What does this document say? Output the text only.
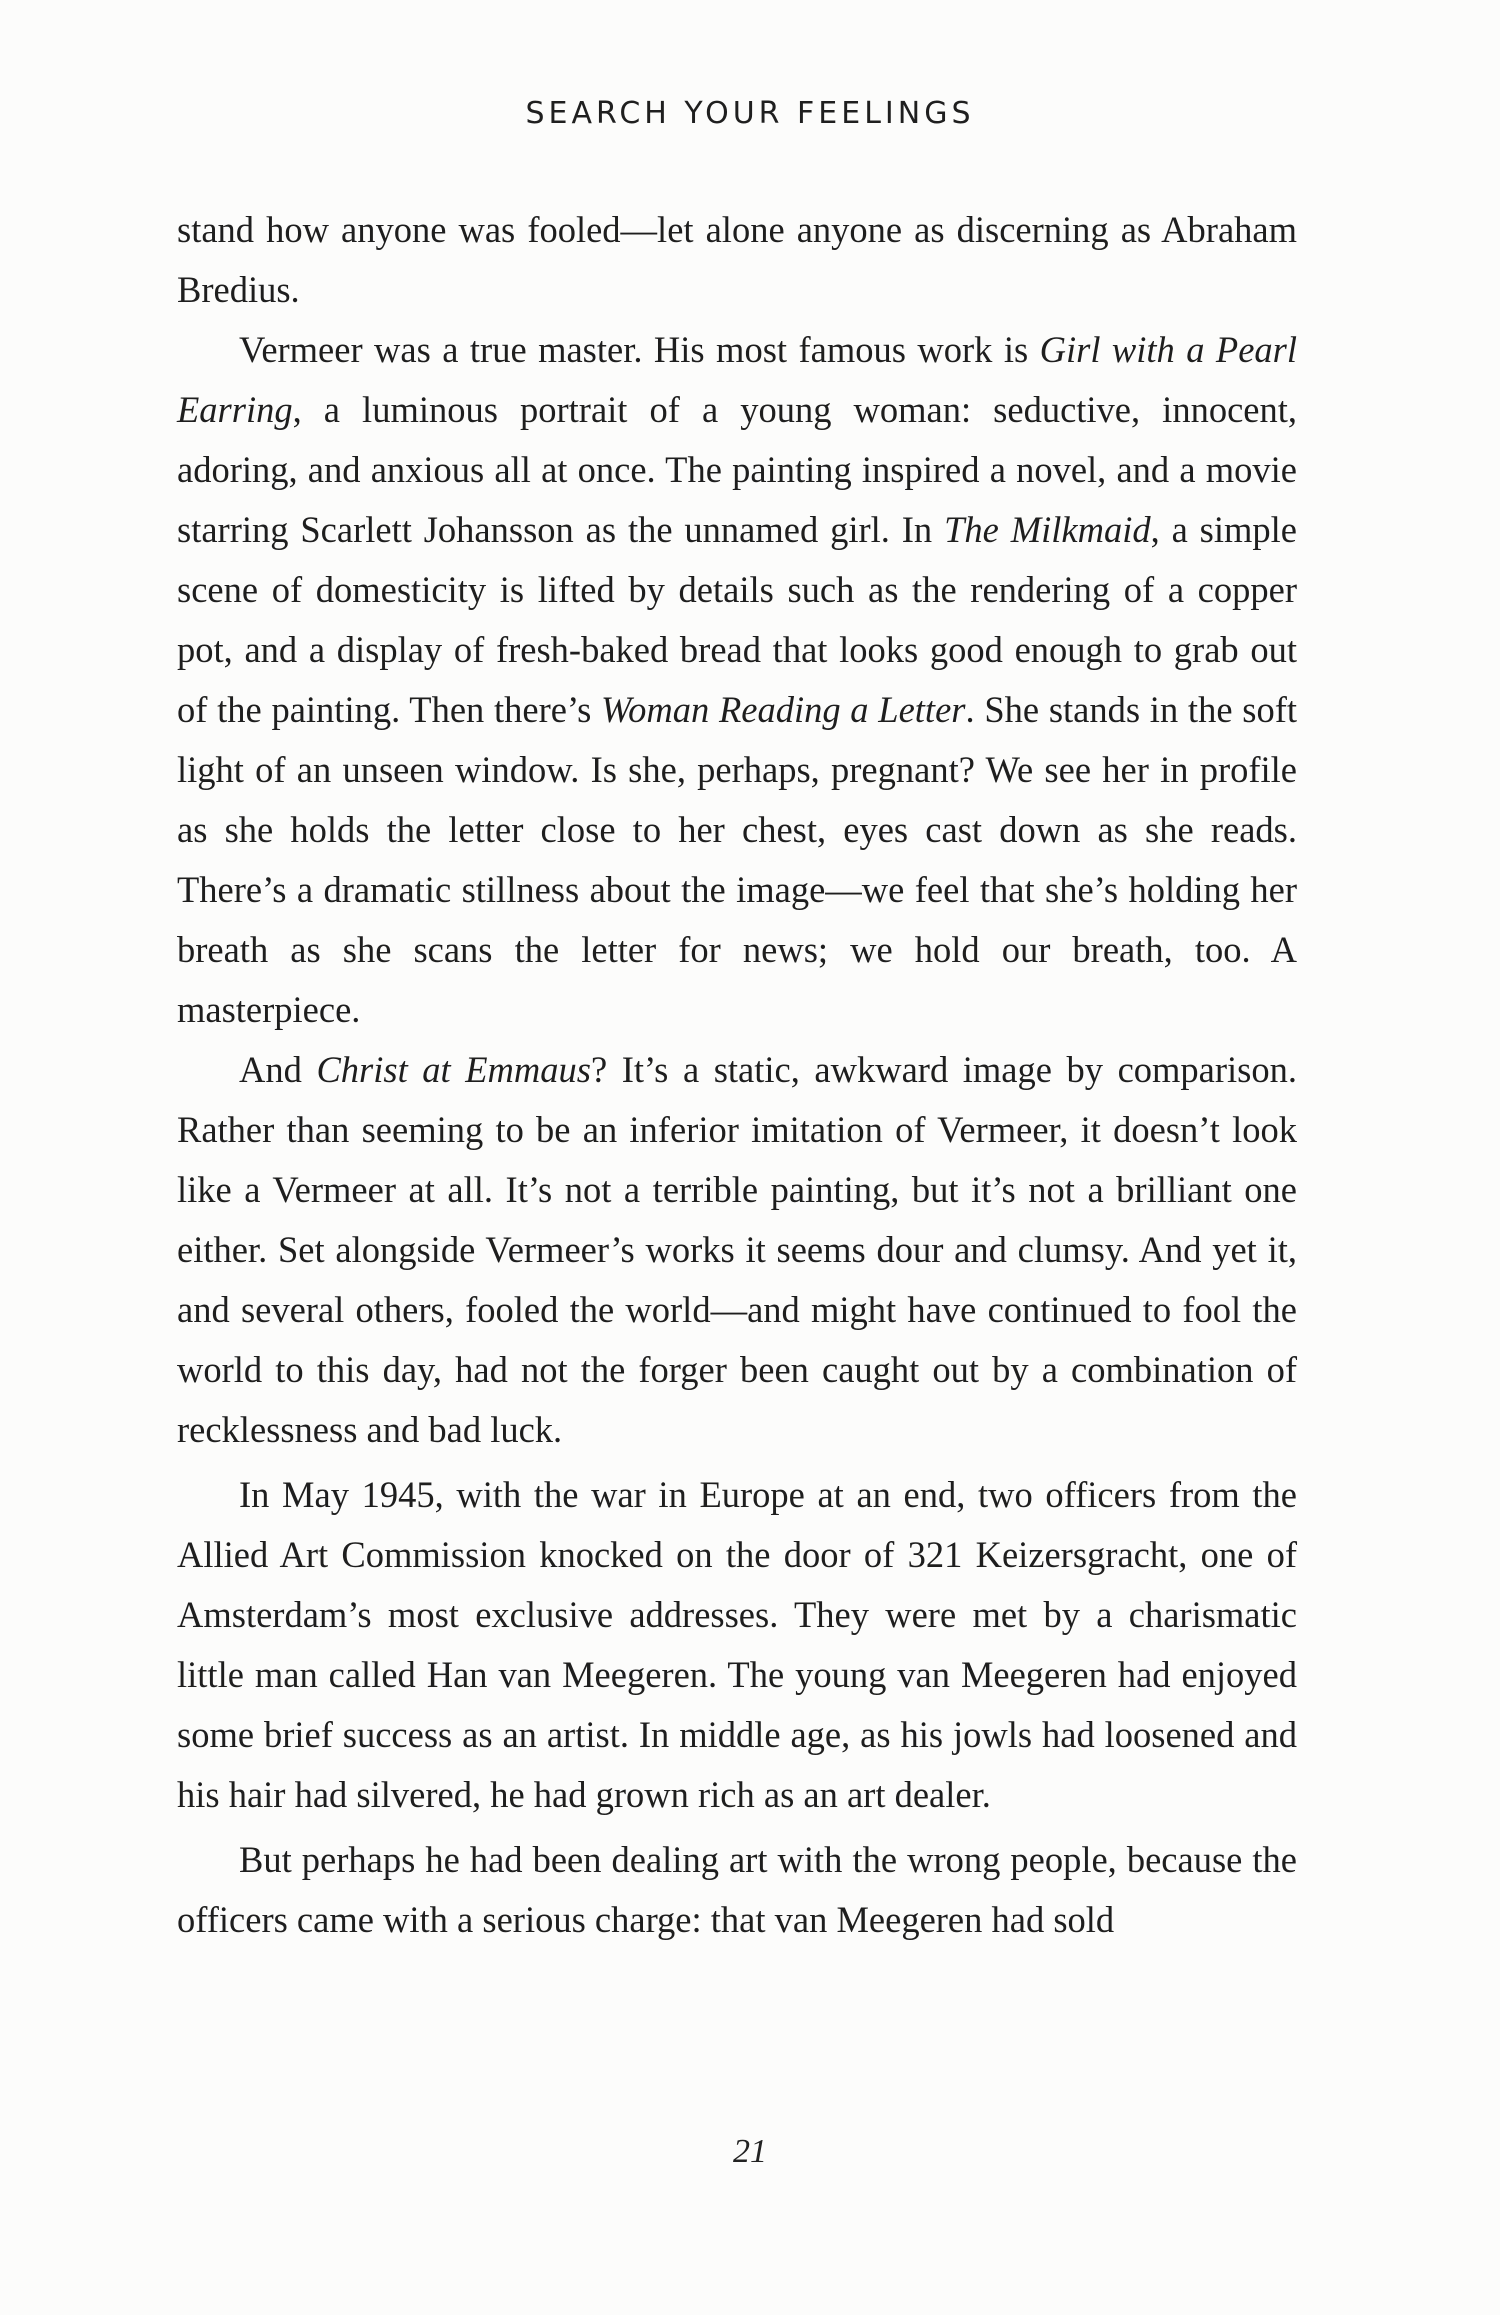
SEARCH YOUR FEELINGS

stand how anyone was fooled—let alone anyone as discerning as Abraham Bredius.

Vermeer was a true master. His most famous work is Girl with a Pearl Earring, a luminous portrait of a young woman: seductive, innocent, adoring, and anxious all at once. The painting inspired a novel, and a movie starring Scarlett Johansson as the unnamed girl. In The Milkmaid, a simple scene of domesticity is lifted by details such as the rendering of a copper pot, and a display of fresh-baked bread that looks good enough to grab out of the painting. Then there’s Woman Reading a Letter. She stands in the soft light of an unseen window. Is she, perhaps, pregnant? We see her in profile as she holds the letter close to her chest, eyes cast down as she reads. There’s a dramatic stillness about the image—we feel that she’s holding her breath as she scans the letter for news; we hold our breath, too. A masterpiece.

And Christ at Emmaus? It’s a static, awkward image by comparison. Rather than seeming to be an inferior imitation of Vermeer, it doesn’t look like a Vermeer at all. It’s not a terrible painting, but it’s not a brilliant one either. Set alongside Vermeer’s works it seems dour and clumsy. And yet it, and several others, fooled the world—and might have continued to fool the world to this day, had not the forger been caught out by a combination of recklessness and bad luck.

In May 1945, with the war in Europe at an end, two officers from the Allied Art Commission knocked on the door of 321 Keizersgracht, one of Amsterdam’s most exclusive addresses. They were met by a charismatic little man called Han van Meegeren. The young van Meegeren had enjoyed some brief success as an artist. In middle age, as his jowls had loosened and his hair had silvered, he had grown rich as an art dealer.

But perhaps he had been dealing art with the wrong people, because the officers came with a serious charge: that van Meegeren had sold

21
